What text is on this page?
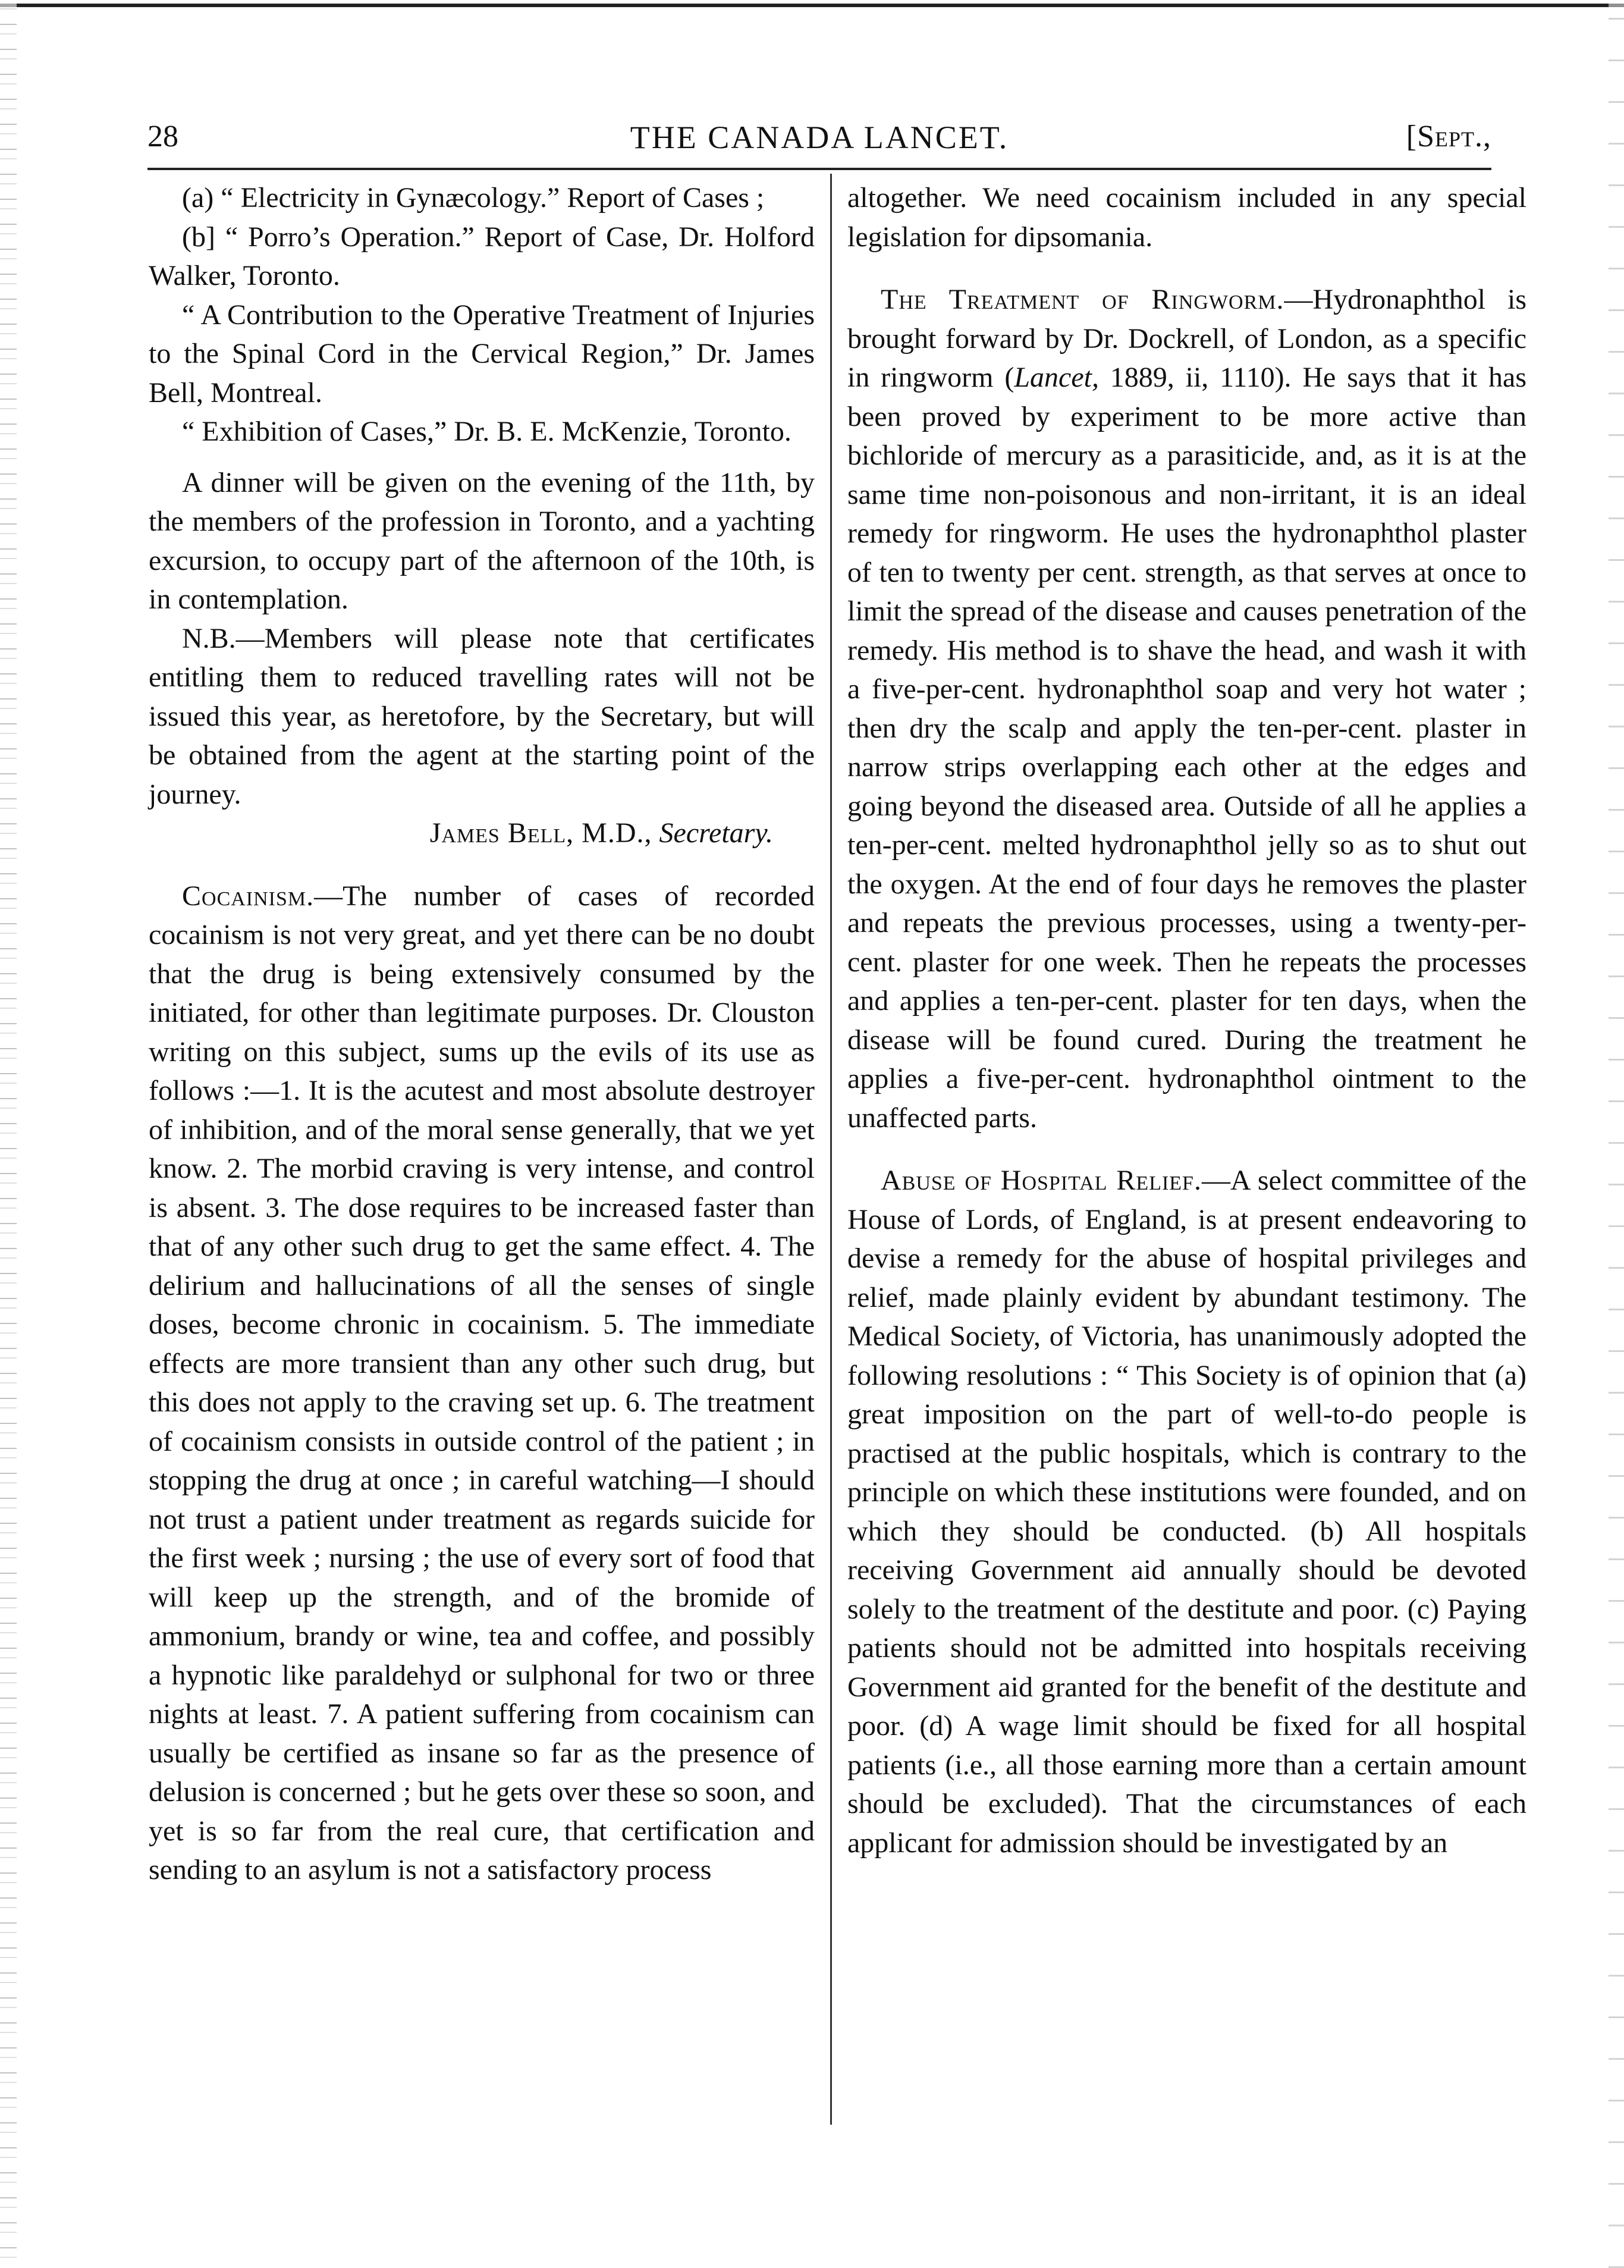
THE CANADA LANCET.
28	[Sept.,

(a) “ Electricity in Gynæcology.” Report of Cases ;

(b] “ Porro’s Operation.” Report of Case, Dr. Holford Walker, Toronto.

“ A Contribution to the Operative Treatment of Injuries to the Spinal Cord in the Cervical Region,” Dr. James Bell, Montreal.

“ Exhibition of Cases,” Dr. B. E. McKenzie, Toronto.

A dinner will be given on the evening of the 11th, by the members of the profession in Toronto, and a yachting excursion, to occupy part of the afternoon of the 10th, is in contemplation.

N.B.—Members will please note that certificates entitling them to reduced travelling rates will not be issued this year, as heretofore, by the Secretary, but will be obtained from the agent at the starting point of the journey.

James Bell, M.D., Secretary.

Cocainism.—The number of cases of recorded cocainism is not very great, and yet there can be no doubt that the drug is being extensively consumed by the initiated, for other than legitimate purposes. Dr. Clouston writing on this subject, sums up the evils of its use as follows :—1. It is the acutest and most absolute destroyer of inhibition, and of the moral sense generally, that we yet know. 2. The morbid craving is very intense, and control is absent. 3. The dose requires to be increased faster than that of any other such drug to get the same effect. 4. The delirium and hallucinations of all the senses of single doses, become chronic in cocainism. 5. The immediate effects are more transient than any other such drug, but this does not apply to the craving set up. 6. The treatment of cocainism consists in outside control of the patient ; in stopping the drug at once ; in careful watching—I should not trust a patient under treatment as regards suicide for the first week ; nursing ; the use of every sort of food that will keep up the strength, and of the bromide of ammonium, brandy or wine, tea and coffee, and possibly a hypnotic like paraldehyd or sulphonal for two or three nights at least. 7. A patient suffering from cocainism can usually be certified as insane so far as the presence of delusion is concerned ; but he gets over these so soon, and yet is so far from the real cure, that certification and sending to an asylum is not a satisfactory process

altogether. We need cocainism included in any special legislation for dipsomania.

The Treatment of Ringworm.—Hydronaphthol is brought forward by Dr. Dockrell, of London, as a specific in ringworm (Lancet, 1889, ii, 1110). He says that it has been proved by experiment to be more active than bichloride of mercury as a parasiticide, and, as it is at the same time non-poisonous and non-irritant, it is an ideal remedy for ringworm. He uses the hydronaphthol plaster of ten to twenty per cent. strength, as that serves at once to limit the spread of the disease and causes penetration of the remedy. His method is to shave the head, and wash it with a five-per-cent. hydronaphthol soap and very hot water ; then dry the scalp and apply the ten-per-cent. plaster in narrow strips overlapping each other at the edges and going beyond the diseased area. Outside of all he applies a ten-per-cent. melted hydronaphthol jelly so as to shut out the oxygen. At the end of four days he removes the plaster and repeats the previous processes, using a twenty-per-cent. plaster for one week. Then he repeats the processes and applies a ten-per-cent. plaster for ten days, when the disease will be found cured. During the treatment he applies a five-per-cent. hydronaphthol ointment to the unaffected parts.

Abuse of Hospital Relief.—A select committee of the House of Lords, of England, is at present endeavoring to devise a remedy for the abuse of hospital privileges and relief, made plainly evident by abundant testimony. The Medical Society, of Victoria, has unanimously adopted the following resolutions : “ This Society is of opinion that (a) great imposition on the part of well-to-do people is practised at the public hospitals, which is contrary to the principle on which these institutions were founded, and on which they should be conducted. (b) All hospitals receiving Government aid annually should be devoted solely to the treatment of the destitute and poor. (c) Paying patients should not be admitted into hospitals receiving Government aid granted for the benefit of the destitute and poor. (d) A wage limit should be fixed for all hospital patients (i.e., all those earning more than a certain amount should be excluded). That the circumstances of each applicant for admission should be investigated by an
